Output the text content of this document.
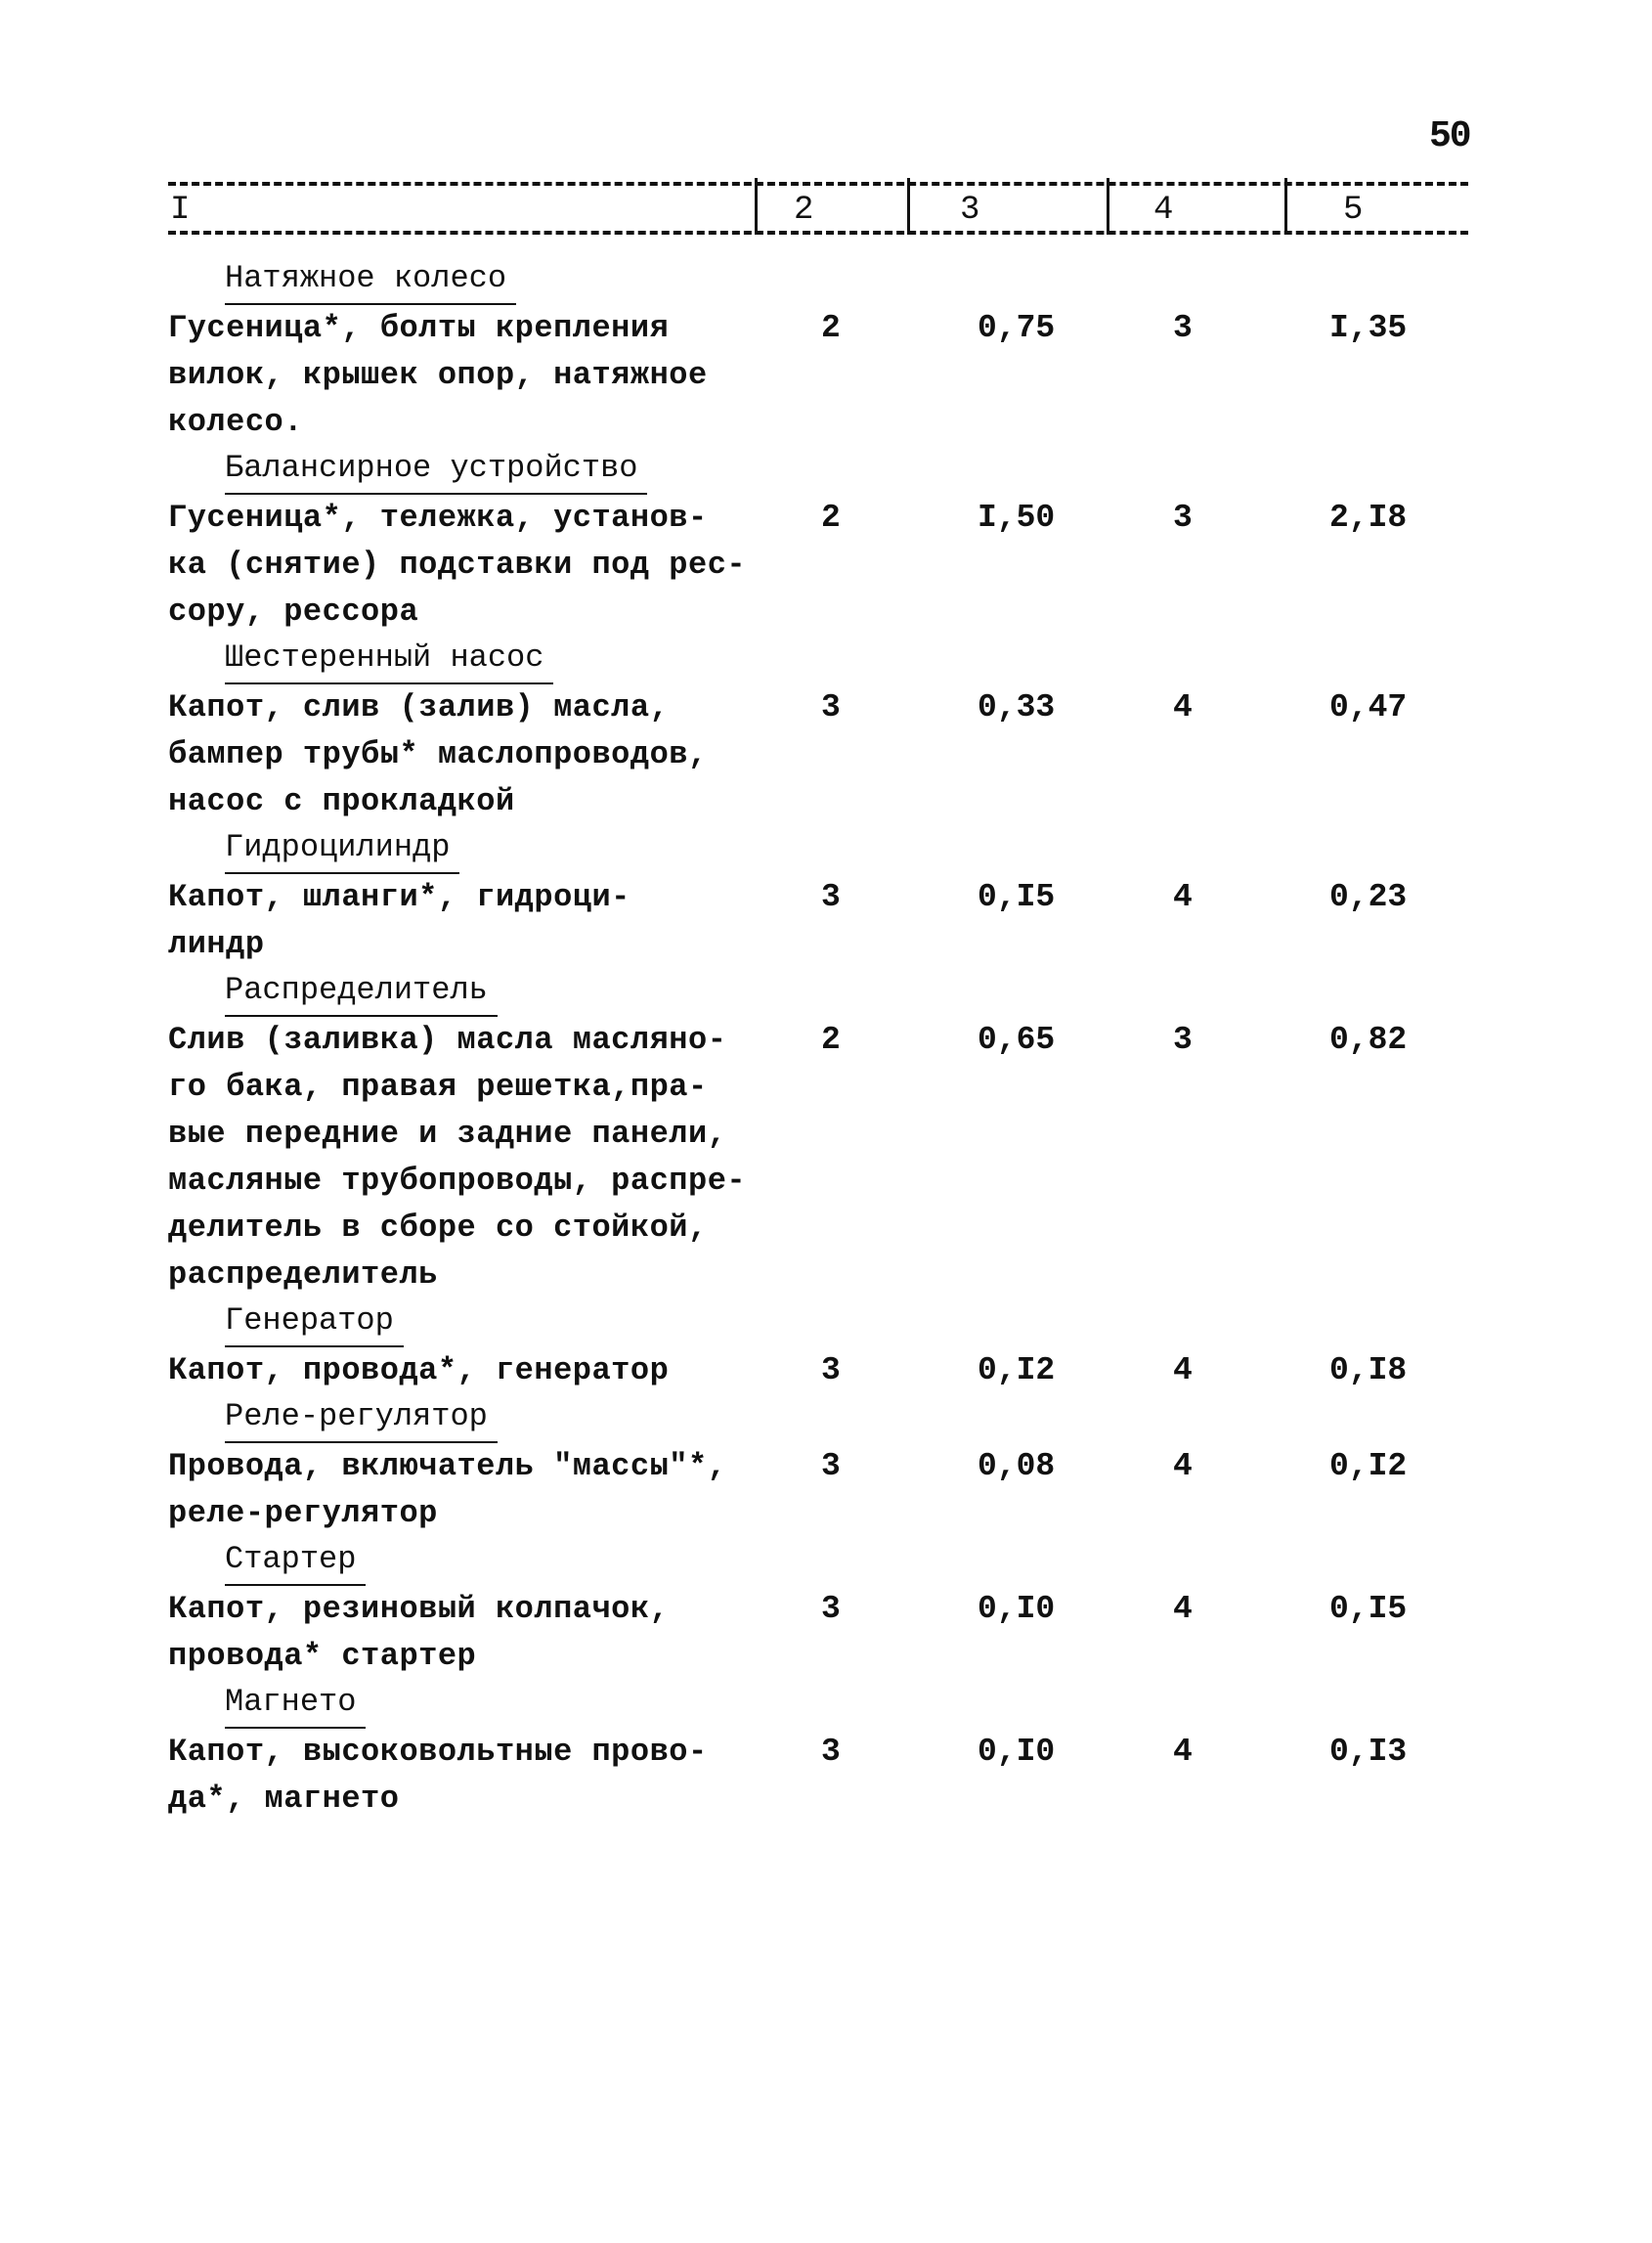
50
I	2	3	4	5
Натяжное колесо
Гусеница*, болты крепления
вилок, крышек опор, натяжное
колесо.
2	0,75	3	I,35
Балансирное устройство
Гусеница*, тележка, установ-
ка (снятие) подставки под рес-
сору, рессора
2	I,50	3	2,I8
Шестеренный насос
Капот, слив (залив) масла,
бампер трубы* маслопроводов,
насос с прокладкой
3	0,33	4	0,47
Гидроцилиндр
Капот, шланги*, гидроци-
линдр
3	0,I5	4	0,23
Распределитель
Слив (заливка) масла масляно-
го бака, правая решетка,пра-
вые передние и задние панели,
масляные трубопроводы, распре-
делитель в сборе со стойкой,
распределитель
2	0,65	3	0,82
Генератор
Капот, провода*, генератор	3	0,I2	4	0,I8
Реле-регулятор
Провода, включатель "массы"*,
реле-регулятор
3	0,08	4	0,I2
Стартер
Капот, резиновый колпачок,
провода* стартер
3	0,I0	4	0,I5
Магнето
Капот, высоковольтные прово-
да*, магнето
3	0,I0	4	0,I3
